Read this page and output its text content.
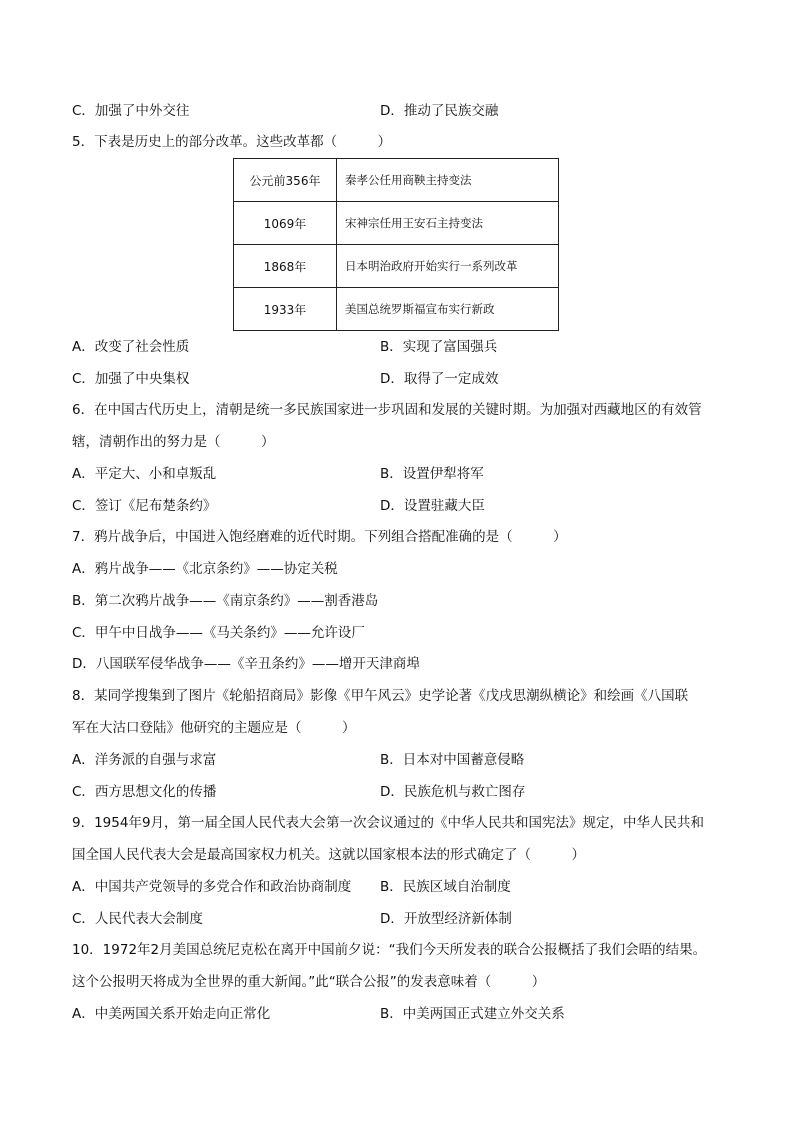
C．加强了中外交往	D．推动了民族交融
5．下表是历史上的部分改革。这些改革都（　　　）
公元前356年	秦孝公任用商鞅主持变法
1069年	宋神宗任用王安石主持变法
1868年	日本明治政府开始实行一系列改革
1933年	美国总统罗斯福宣布实行新政
A．改变了社会性质	B．实现了富国强兵
C．加强了中央集权	D．取得了一定成效
6．在中国古代历史上，清朝是统一多民族国家进一步巩固和发展的关键时期。为加强对西藏地区的有效管
辖，清朝作出的努力是（　　　）
A．平定大、小和卓叛乱	B．设置伊犁将军
C．签订《尼布楚条约》	D．设置驻藏大臣
7．鸦片战争后，中国进入饱经磨难的近代时期。下列组合搭配准确的是（　　　）
A．鸦片战争——《北京条约》——协定关税
B．第二次鸦片战争——《南京条约》——割香港岛
C．甲午中日战争——《马关条约》——允许设厂
D．八国联军侵华战争——《辛丑条约》——增开天津商埠
8．某同学搜集到了图片《轮船招商局》影像《甲午风云》史学论著《戊戌思潮纵横论》和绘画《八国联
军在大沽口登陆》他研究的主题应是（　　　）
A．洋务派的自强与求富	B．日本对中国蓄意侵略
C．西方思想文化的传播	D．民族危机与救亡图存
9．1954年9月，第一届全国人民代表大会第一次会议通过的《中华人民共和国宪法》规定，中华人民共和
国全国人民代表大会是最高国家权力机关。这就以国家根本法的形式确定了（　　　）
A．中国共产党领导的多党合作和政治协商制度 B．民族区域自治制度
C．人民代表大会制度	D．开放型经济新体制
10．1972年2月美国总统尼克松在离开中国前夕说：“我们今天所发表的联合公报概括了我们会晤的结果。
这个公报明天将成为全世界的重大新闻。”此“联合公报”的发表意味着（　　　）
A．中美两国关系开始走向正常化	B．中美两国正式建立外交关系
